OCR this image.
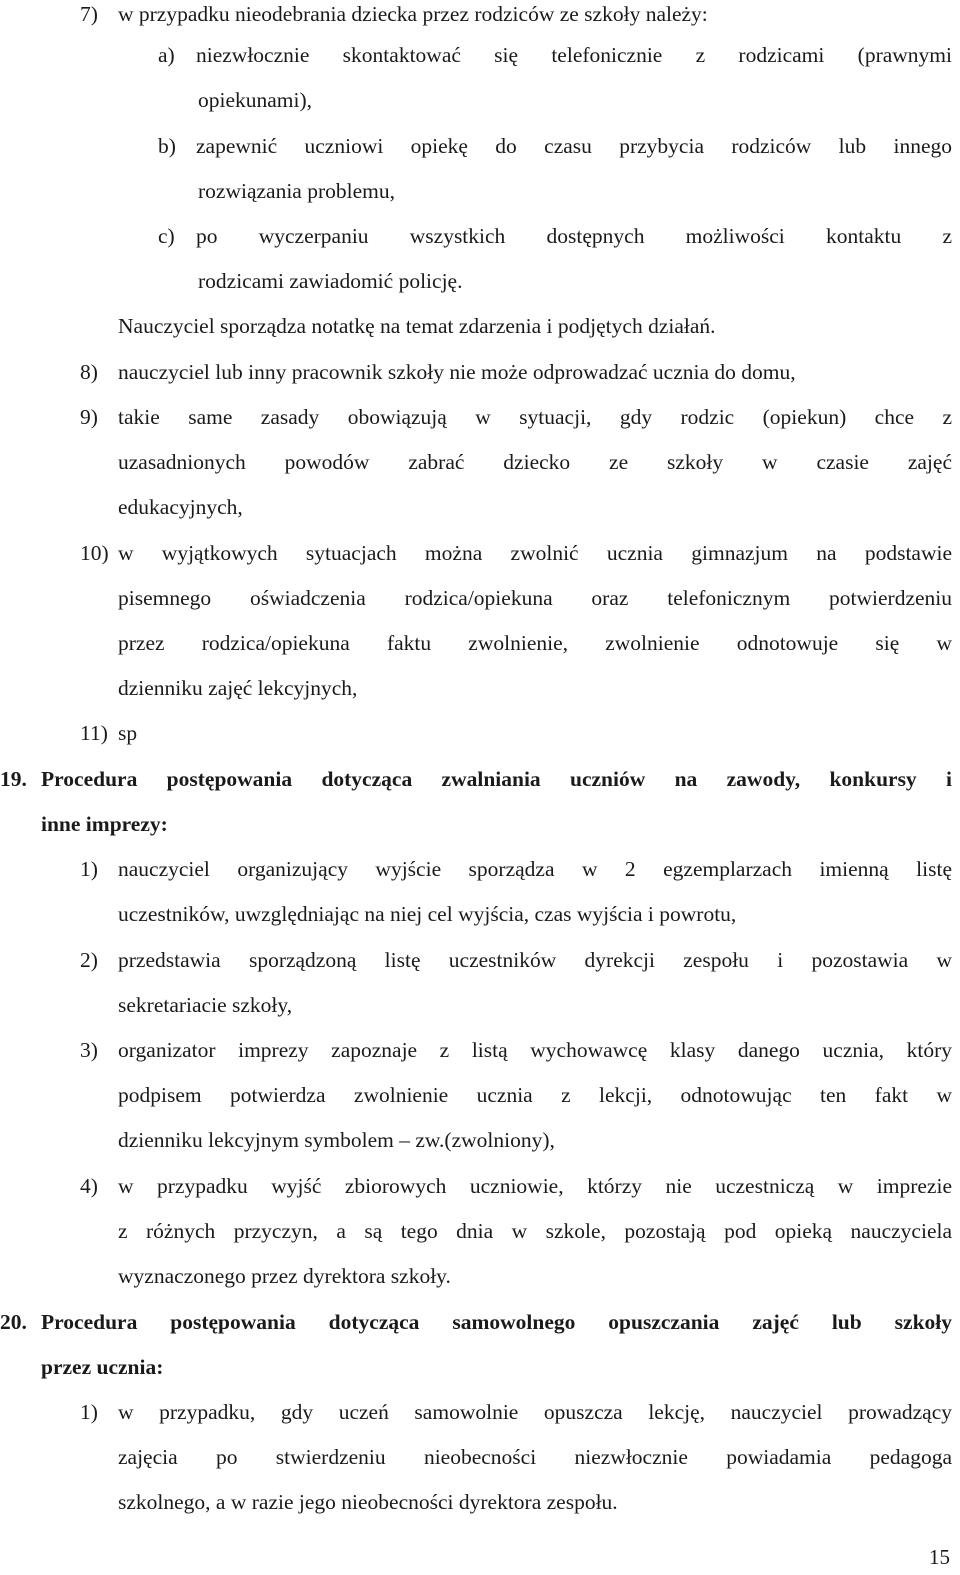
7) w przypadku nieodebrania dziecka przez rodziców ze szkoły należy:
a) niezwłocznie skontaktować się telefonicznie z rodzicami (prawnymi
opiekunami),
b) zapewnić uczniowi opiekę do czasu przybycia rodziców lub innego
rozwiązania problemu,
c) po wyczerpaniu wszystkich dostępnych możliwości kontaktu z
rodzicami zawiadomić policję.
Nauczyciel sporządza notatkę na temat zdarzenia i podjętych działań.
8) nauczyciel lub inny pracownik szkoły nie może odprowadzać ucznia do domu,
9) takie same zasady obowiązują w sytuacji, gdy rodzic (opiekun) chce z
uzasadnionych powodów zabrać dziecko ze szkoły w czasie zajęć
edukacyjnych,
10) w wyjątkowych sytuacjach można zwolnić ucznia gimnazjum na podstawie
pisemnego oświadczenia rodzica/opiekuna oraz telefonicznym potwierdzeniu
przez rodzica/opiekuna faktu zwolnienie, zwolnienie odnotowuje się w
dzienniku zajęć lekcyjnych,
11) sp
19. Procedura postępowania dotycząca zwalniania uczniów na zawody, konkursy i
inne imprezy:
1) nauczyciel organizujący wyjście sporządza w 2 egzemplarzach imienną listę
uczestników, uwzględniając na niej cel wyjścia, czas wyjścia i powrotu,
2) przedstawia sporządzoną listę uczestników dyrekcji zespołu i pozostawia w
sekretariacie szkoły,
3) organizator imprezy zapoznaje z listą wychowawcę klasy danego ucznia, który
podpisem potwierdza zwolnienie ucznia z lekcji, odnotowując ten fakt w
dzienniku lekcyjnym symbolem – zw.(zwolniony),
4) w przypadku wyjść zbiorowych uczniowie, którzy nie uczestniczą w imprezie
z różnych przyczyn, a są tego dnia w szkole, pozostają pod opieką nauczyciela
wyznaczonego przez dyrektora szkoły.
20. Procedura postępowania dotycząca samowolnego opuszczania zajęć lub szkoły
przez ucznia:
1) w przypadku, gdy uczeń samowolnie opuszcza lekcję, nauczyciel prowadzący
zajęcia po stwierdzeniu nieobecności niezwłocznie powiadamia pedagoga
szkolnego, a w razie jego nieobecności dyrektora zespołu.
15
